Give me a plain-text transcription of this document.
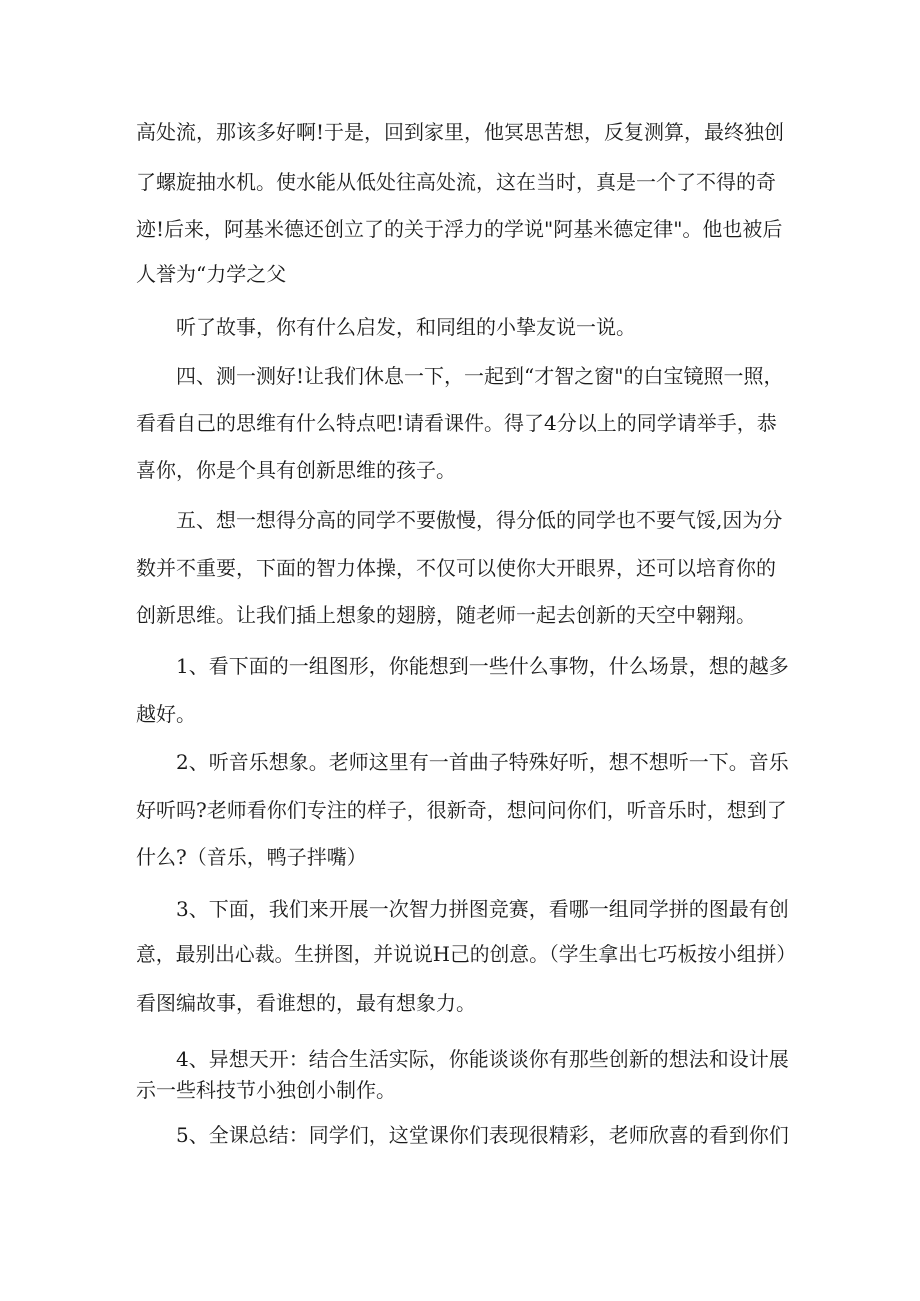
高处流，那该多好啊!于是，回到家里，他冥思苦想，反复测算，最终独创
了螺旋抽水机。使水能从低处往高处流，这在当时，真是一个了不得的奇
迹!后来，阿基米德还创立了的关于浮力的学说"阿基米德定律"。他也被后
人誉为“力学之父
听了故事，你有什么启发，和同组的小挚友说一说。
四、测一测好!让我们休息一下，一起到“才智之窗"的白宝镜照一照，
看看自己的思维有什么特点吧!请看课件。得了4分以上的同学请举手，恭
喜你，你是个具有创新思维的孩子。
五、想一想得分高的同学不要傲慢，得分低的同学也不要气馁,因为分
数并不重要，下面的智力体操，不仅可以使你大开眼界，还可以培育你的
创新思维。让我们插上想象的翅膀，随老师一起去创新的天空中翱翔。
1、看下面的一组图形，你能想到一些什么事物，什么场景，想的越多
越好。
2、听音乐想象。老师这里有一首曲子特殊好听，想不想听一下。音乐
好听吗?老师看你们专注的样子，很新奇，想问问你们，听音乐时，想到了
什么?（音乐，鸭子拌嘴）
3、下面，我们来开展一次智力拼图竞赛，看哪一组同学拼的图最有创
意，最别出心裁。生拼图，并说说H己的创意。（学生拿出七巧板按小组拼）
看图编故事，看谁想的，最有想象力。
4、异想天开：结合生活实际，你能谈谈你有那些创新的想法和设计展
示一些科技节小独创小制作。
5、全课总结：同学们，这堂课你们表现很精彩，老师欣喜的看到你们
